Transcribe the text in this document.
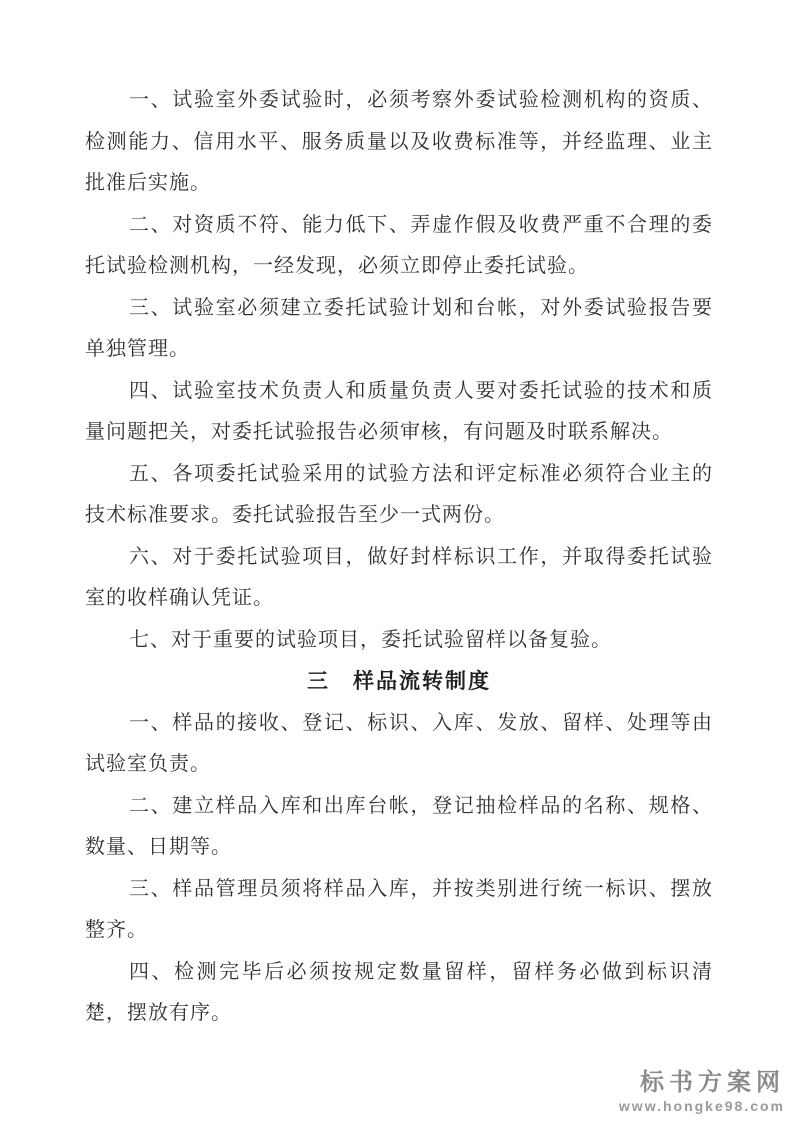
一、试验室外委试验时，必须考察外委试验检测机构的资质、检测能力、信用水平、服务质量以及收费标准等，并经监理、业主批准后实施。

二、对资质不符、能力低下、弄虚作假及收费严重不合理的委托试验检测机构，一经发现，必须立即停止委托试验。

三、试验室必须建立委托试验计划和台帐，对外委试验报告要单独管理。

四、试验室技术负责人和质量负责人要对委托试验的技术和质量问题把关，对委托试验报告必须审核，有问题及时联系解决。

五、各项委托试验采用的试验方法和评定标准必须符合业主的技术标准要求。委托试验报告至少一式两份。

六、对于委托试验项目，做好封样标识工作，并取得委托试验室的收样确认凭证。

七、对于重要的试验项目，委托试验留样以备复验。

三　样品流转制度

一、样品的接收、登记、标识、入库、发放、留样、处理等由试验室负责。

二、建立样品入库和出库台帐，登记抽检样品的名称、规格、数量、日期等。

三、样品管理员须将样品入库，并按类别进行统一标识、摆放整齐。

四、检测完毕后必须按规定数量留样，留样务必做到标识清楚，摆放有序。

标书方案网
www.hongke98.com
